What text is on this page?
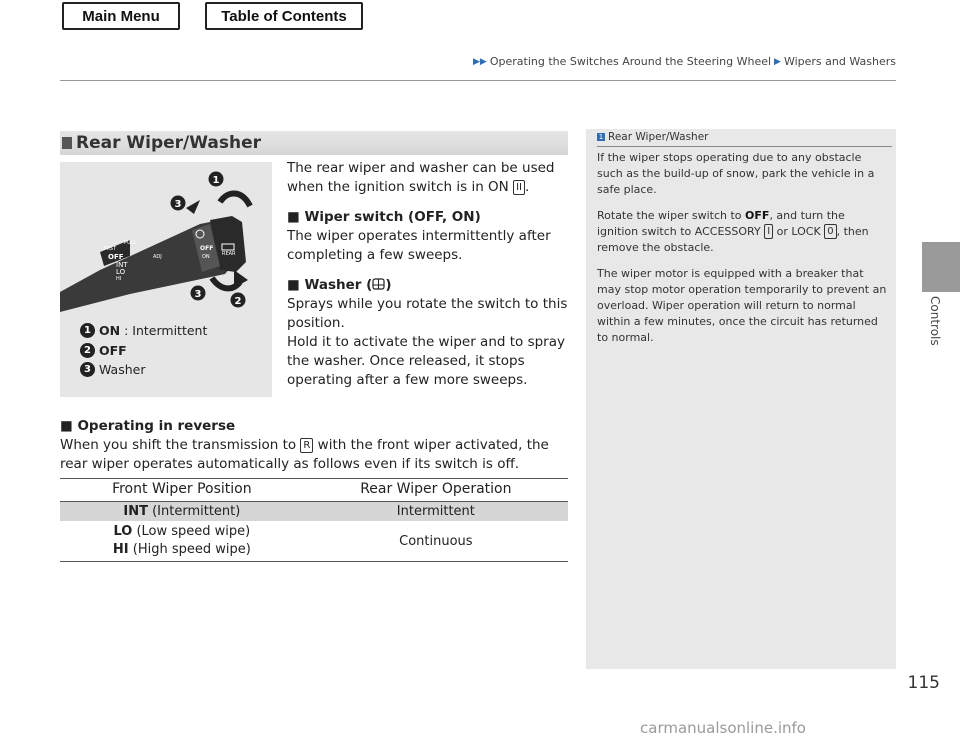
Main Menu	Table of Contents
▶▶ Operating the Switches Around the Steering Wheel ▶ Wipers and Washers
Controls
115
Rear Wiper/Washer
MIST
PULL
OFF
INT
LO
HI
ADJ
OFF
ON REAR
1
3
3
2
1 ON : Intermittent
2 OFF
3 Washer

The rear wiper and washer can be used when the ignition switch is in ON II .

■ Wiper switch (OFF, ON)

The wiper operates intermittently after completing a few sweeps.

■ Washer ( )

Sprays while you rotate the switch to this position.

Hold it to activate the wiper and to spray the washer. Once released, it stops operating after a few more sweeps.

■ Operating in reverse

When you shift the transmission to R with the front wiper activated, the rear wiper operates automatically as follows even if its switch is off.

Front Wiper Position	Rear Wiper Operation
INT (Intermittent)	Intermittent
LO (Low speed wipe)
HI (High speed wipe)	Continuous
1 Rear Wiper/Washer

If the wiper stops operating due to any obstacle such as the build-up of snow, park the vehicle in a safe place.

Rotate the wiper switch to OFF, and turn the ignition switch to ACCESSORY I or LOCK 0 , then remove the obstacle.

The wiper motor is equipped with a breaker that may stop motor operation temporarily to prevent an overload. Wiper operation will return to normal within a few minutes, once the circuit has returned to normal.

carmanualsonline.info
